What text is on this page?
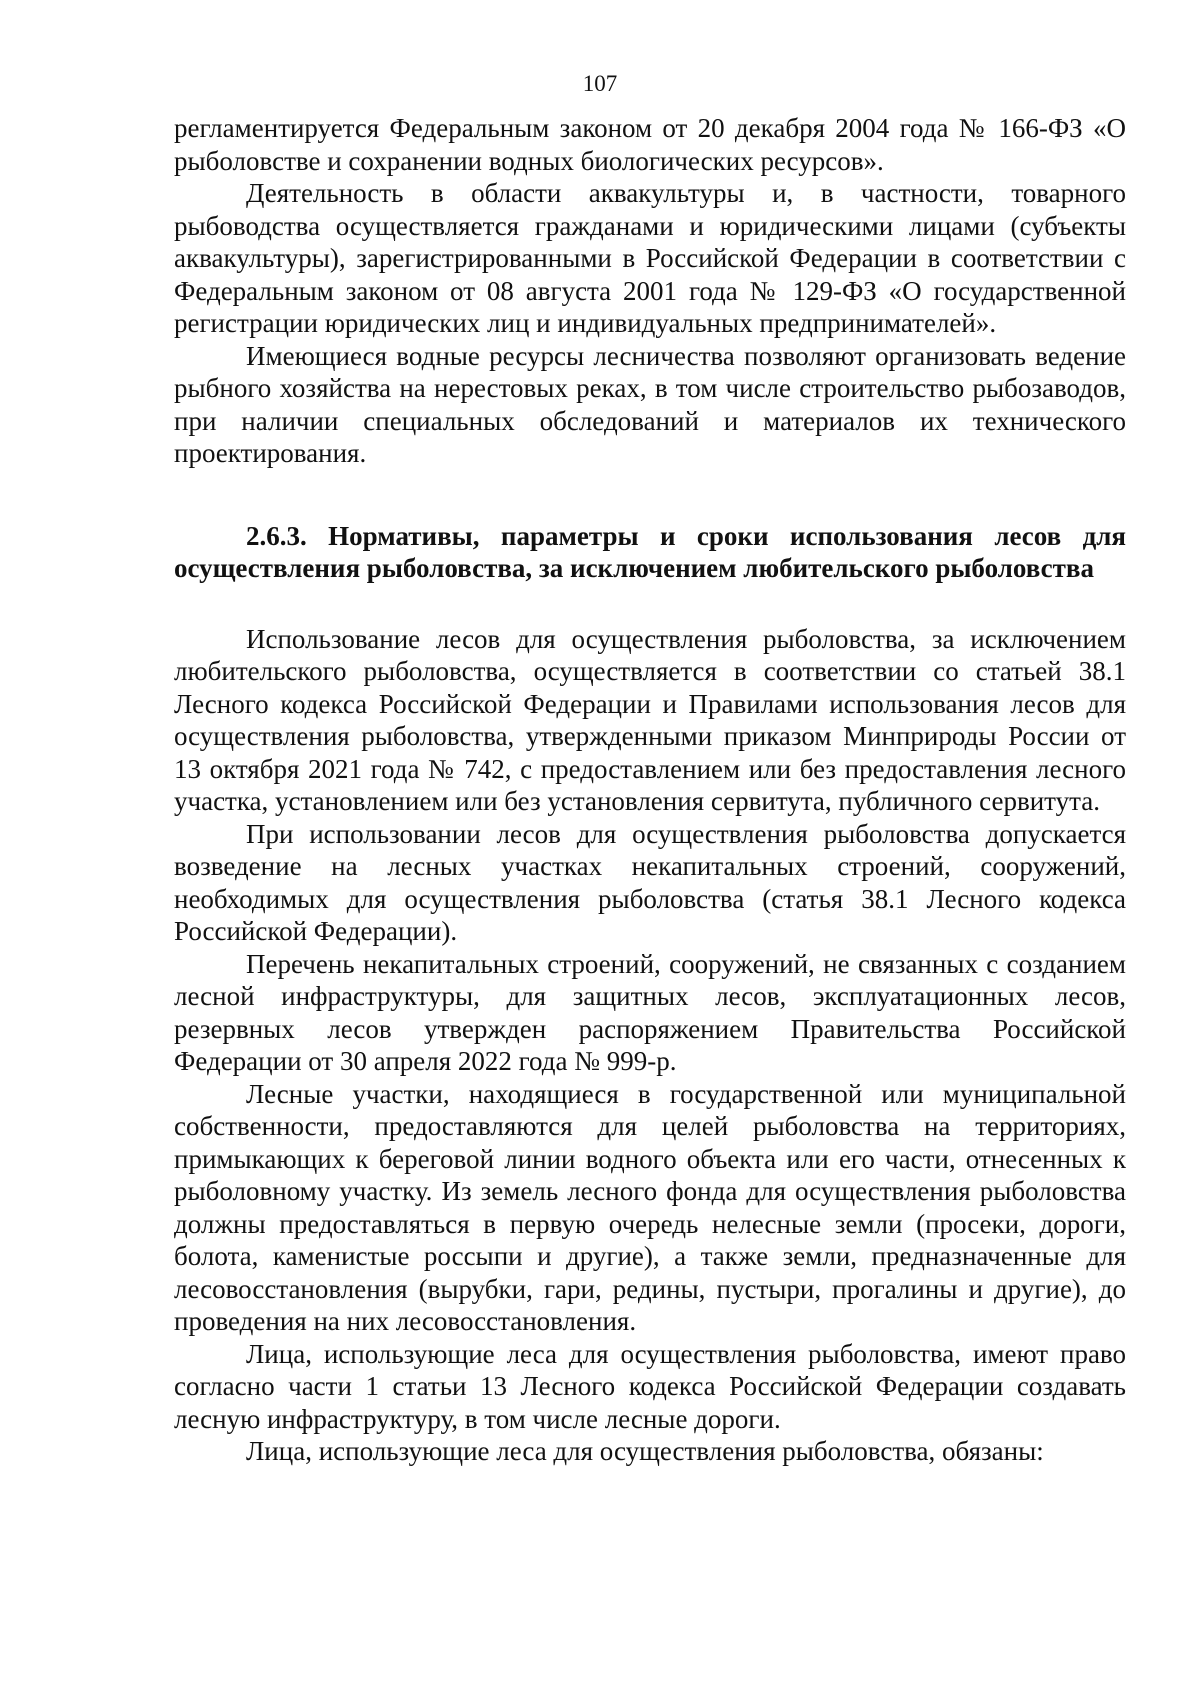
107

регламентируется Федеральным законом от 20 декабря 2004 года № 166-ФЗ «О рыболовстве и сохранении водных биологических ресурсов».

Деятельность в области аквакультуры и, в частности, товарного рыбоводства осуществляется гражданами и юридическими лицами (субъекты аквакультуры), зарегистрированными в Российской Федерации в соответствии с Федеральным законом от 08 августа 2001 года № 129-ФЗ «О государственной регистрации юридических лиц и индивидуальных предпринимателей».

Имеющиеся водные ресурсы лесничества позволяют организовать ведение рыбного хозяйства на нерестовых реках, в том числе строительство рыбозаводов, при наличии специальных обследований и материалов их технического проектирования.

2.6.3. Нормативы, параметры и сроки использования лесов для осуществления рыболовства, за исключением любительского рыболовства

Использование лесов для осуществления рыболовства, за исключением любительского рыболовства, осуществляется в соответствии со статьей 38.1 Лесного кодекса Российской Федерации и Правилами использования лесов для осуществления рыболовства, утвержденными приказом Минприроды России от 13 октября 2021 года № 742, с предоставлением или без предоставления лесного участка, установлением или без установления сервитута, публичного сервитута.

При использовании лесов для осуществления рыболовства допускается возведение на лесных участках некапитальных строений, сооружений, необходимых для осуществления рыболовства (статья 38.1 Лесного кодекса Российской Федерации).

Перечень некапитальных строений, сооружений, не связанных с созданием лесной инфраструктуры, для защитных лесов, эксплуатационных лесов, резервных лесов утвержден распоряжением Правительства Российской Федерации от 30 апреля 2022 года № 999-р.

Лесные участки, находящиеся в государственной или муниципальной собственности, предоставляются для целей рыболовства на территориях, примыкающих к береговой линии водного объекта или его части, отнесенных к рыболовному участку. Из земель лесного фонда для осуществления рыболовства должны предоставляться в первую очередь нелесные земли (просеки, дороги, болота, каменистые россыпи и другие), а также земли, предназначенные для лесовосстановления (вырубки, гари, редины, пустыри, прогалины и другие), до проведения на них лесовосстановления.

Лица, использующие леса для осуществления рыболовства, имеют право согласно части 1 статьи 13 Лесного кодекса Российской Федерации создавать лесную инфраструктуру, в том числе лесные дороги.

Лица, использующие леса для осуществления рыболовства, обязаны:
